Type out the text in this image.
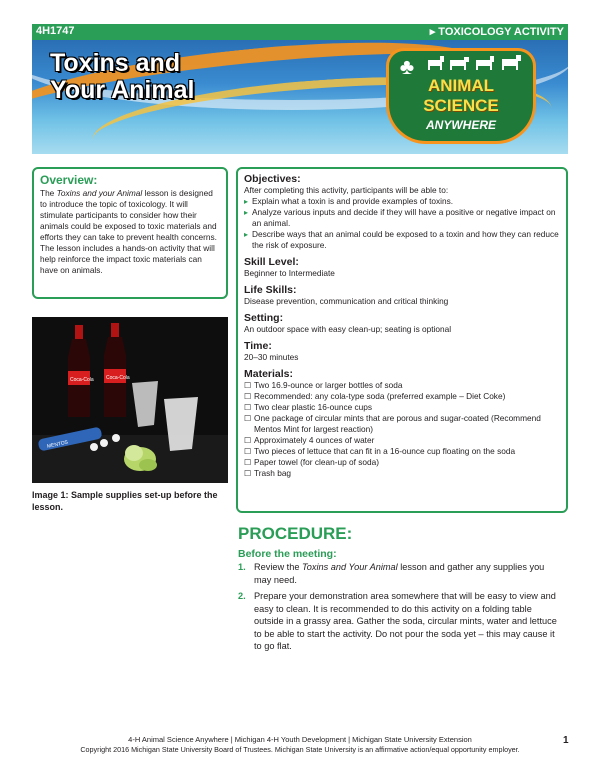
4H1747	▸ TOXICOLOGY ACTIVITY
Toxins and
Your Animal
♣
ANIMAL
SCIENCE
ANYWHERE
Overview:

The Toxins and your Animal lesson is designed to introduce the topic of toxicology. It will stimulate participants to consider how their animals could be exposed to toxic materials and efforts they can take to prevent health concerns. The lesson includes a hands-on activity that will help reinforce the impact toxic materials can have on animals.

Objectives:

After completing this activity, participants will be able to:

▸ Explain what a toxin is and provide examples of toxins.
▸ Analyze various inputs and decide if they will have a positive or negative impact on an animal.
▸ Describe ways that an animal could be exposed to a toxin and how they can reduce the risk of exposure.
Skill Level:

Beginner to Intermediate

Life Skills:

Disease prevention, communication and critical thinking

Setting:

An outdoor space with easy clean-up; seating is optional

Time:

20–30 minutes

Materials:
☐ Two 16.9-ounce or larger bottles of soda
☐ Recommended: any cola-type soda (preferred example – Diet Coke)
☐ Two clear plastic 16-ounce cups
☐ One package of circular mints that are porous and sugar-coated (Recommend Mentos Mint for largest reaction)
☐ Approximately 4 ounces of water
☐ Two pieces of lettuce that can fit in a 16-ounce cup floating on the soda
☐ Paper towel (for clean-up of soda)
☐ Trash bag
Coca-Cola Coca-Cola
MENTOS
Image 1: Sample supplies set-up before the lesson.
PROCEDURE:
Before the meeting:
1. Review the Toxins and Your Animal lesson and gather any supplies you may need.
2. Prepare your demonstration area somewhere that will be easy to view and easy to clean. It is recommended to do this activity on a folding table outside in a grassy area. Gather the soda, circular mints, water and lettuce to be able to start the activity. Do not pour the soda yet – this may cause it to go flat.
4-H Animal Science Anywhere | Michigan 4-H Youth Development | Michigan State University Extension
Copyright 2016 Michigan State University Board of Trustees. Michigan State University is an affirmative action/equal opportunity employer.
1
